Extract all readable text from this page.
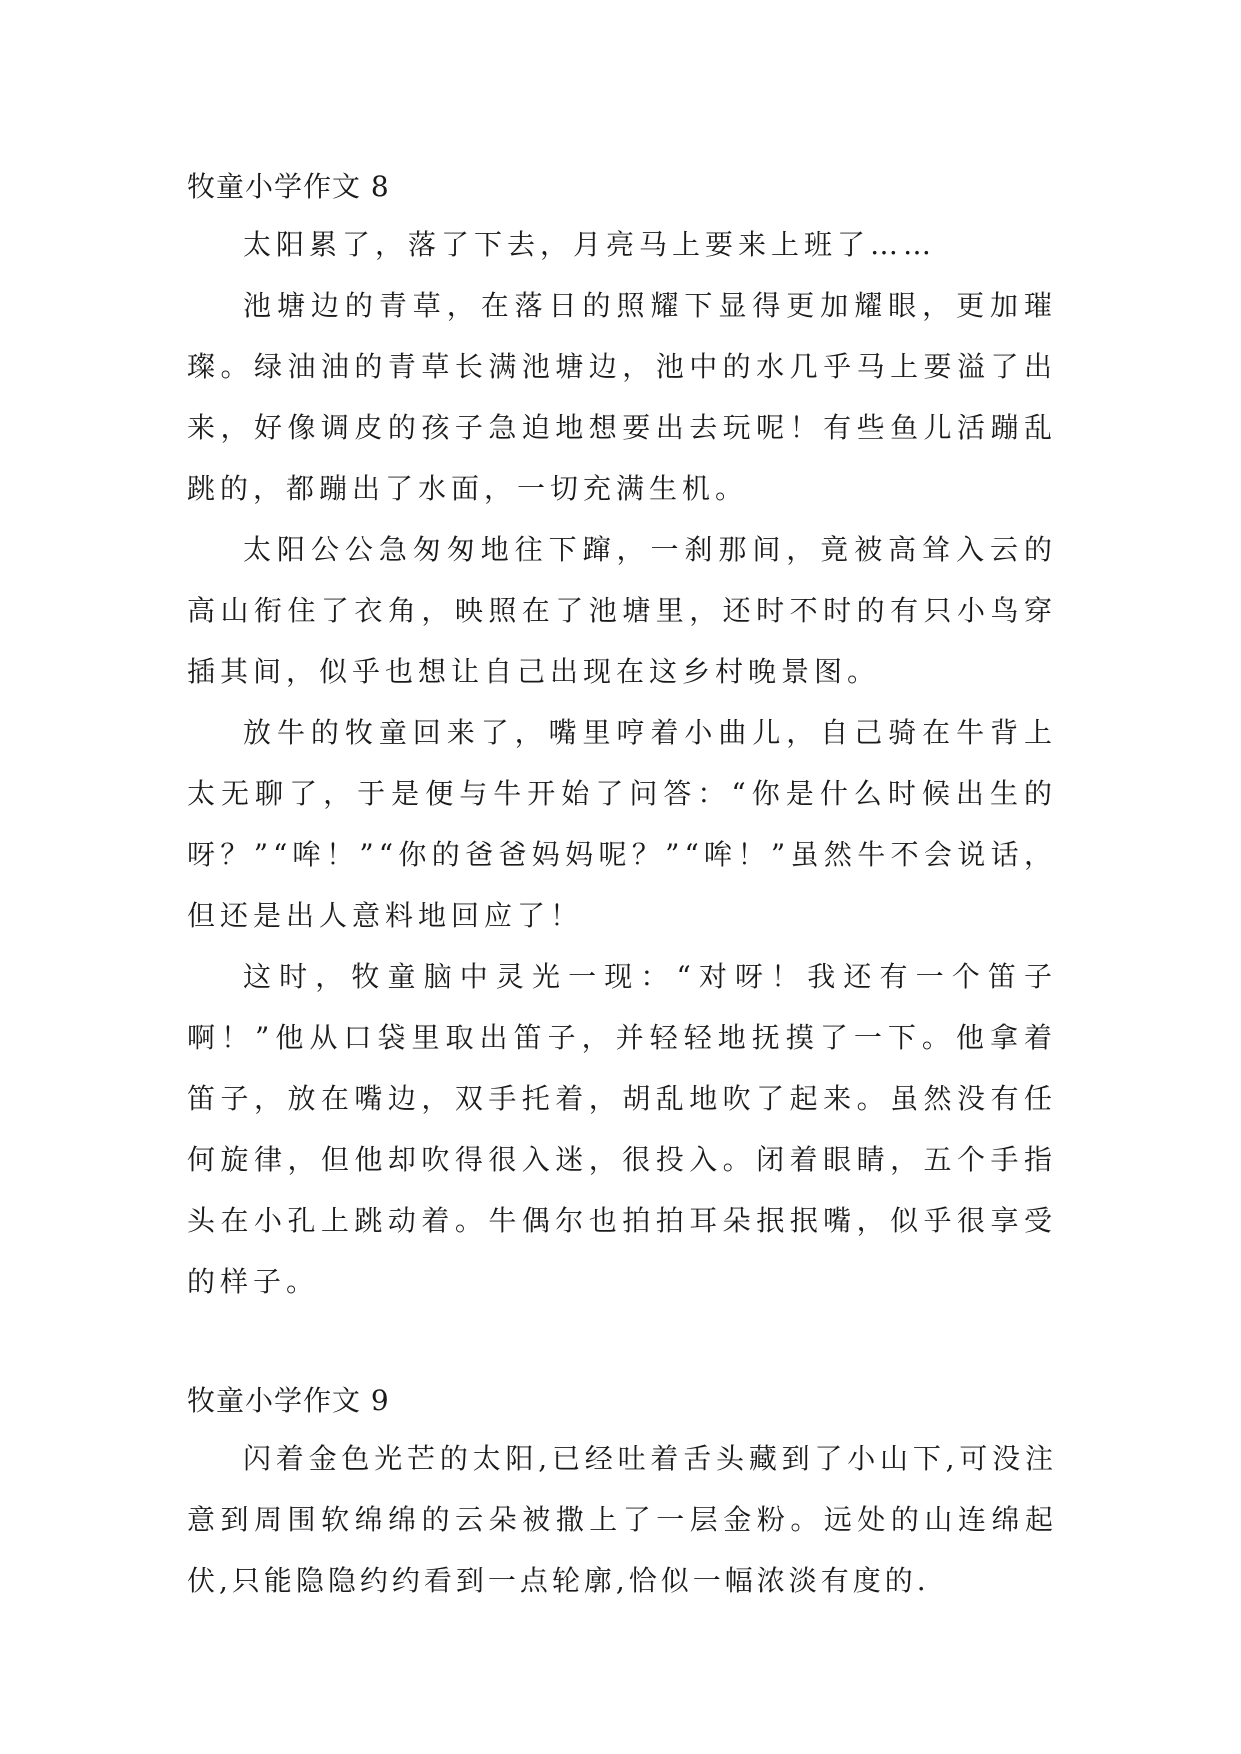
牧童小学作文 8

太阳累了，落了下去，月亮马上要来上班了……

池塘边的青草，在落日的照耀下显得更加耀眼，更加璀璨。绿油油的青草长满池塘边，池中的水几乎马上要溢了出来，好像调皮的孩子急迫地想要出去玩呢！有些鱼儿活蹦乱跳的，都蹦出了水面，一切充满生机。

太阳公公急匆匆地往下蹿，一刹那间，竟被高耸入云的高山衔住了衣角，映照在了池塘里，还时不时的有只小鸟穿插其间，似乎也想让自己出现在这乡村晚景图。

放牛的牧童回来了，嘴里哼着小曲儿，自己骑在牛背上太无聊了，于是便与牛开始了问答：“你是什么时候出生的呀？”“哞！”“你的爸爸妈妈呢？”“哞！”虽然牛不会说话，但还是出人意料地回应了！

这时，牧童脑中灵光一现：“对呀！我还有一个笛子啊！”他从口袋里取出笛子，并轻轻地抚摸了一下。他拿着笛子，放在嘴边，双手托着，胡乱地吹了起来。虽然没有任何旋律，但他却吹得很入迷，很投入。闭着眼睛，五个手指头在小孔上跳动着。牛偶尔也拍拍耳朵抿抿嘴，似乎很享受的样子。

牧童小学作文 9

闪着金色光芒的太阳,已经吐着舌头藏到了小山下,可没注意到周围软绵绵的云朵被撒上了一层金粉。远处的山连绵起伏,只能隐隐约约看到一点轮廓,恰似一幅浓淡有度的.
